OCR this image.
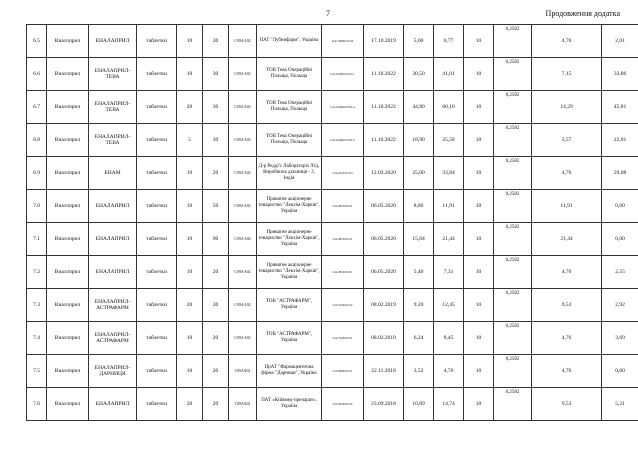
7	Продовження додатка
6.5	Виалзприл	ЕНАЛАПРИЛ	таблетки	10	20	C09A A02	ПАТ "Лубнифарм", Україна	UA/16996/01/02	17.10.2019	5,00	6,77	10	0,2582	4,76	2,01
6.6	Виалзприл	ЕНАЛАПРИЛ-ТЕВА	таблетки	10	30	C09A A02	ТОВ Тева Операційні Польща, Польща	UA/16469/01/01-1	11.10.2022	30,50	41,01	10	0,2582	7,15	33,86
6.7	Виалзприл	ЕНАЛАПРИЛ-ТЕВА	таблетки	20	30	C09A A02	ТОВ Тева Операційні Польща, Польща	UA/16469/01/03-4	11.10.2022	44,80	60,10	10	0,2582	14,29	45,81
6.8	Виалзприл	ЕНАЛАПРИЛ-ТЕВА	таблетки	5	30	C09A A02	ТОВ Тева Операційні Польща, Польща	UA/16469/01/02-2	11.10.2022	18,90	25,58	10	0,2582	3,57	22,01
6.9	Виалзприл	ЕНАМ	таблетки	10	20	C09A A02	Д-р Редді'с Лабораторіз Лтд, Виробнича дільниця - 3, Індія	UA/2545/01/03	12.03.2020	25,00	33,84	10	0,2582	4,76	29,08
7.0	Виалзприл	ЕНАЛАПРИЛ	таблетки	10	50	C09A A02	Приватне акціонерне товариство "Лекхім-Харків", Україна	UA/2816/01/01	06.05.2020	8,80	11,91	10	0,2582	11,91	0,00
7.1	Виалзприл	ЕНАЛАПРИЛ	таблетки	10	90	C09A A02	Приватне акціонерне товариство "Лекхім-Харків", Україна	UA/2816/01/01	06.05.2020	15,84	21,44	10	0,2582	21,44	0,00
7.2	Виалзприл	ЕНАЛАПРИЛ	таблетки	10	20	C09A A02	Приватне акціонерне товариство "Лекхім-Харків", Україна	UA/2816/01/01	06.05.2020	5,40	7,31	10	0,2582	4,76	2,55
7.3	Виалзприл	ЕНАЛАПРИЛ-АСТРАФАРМ	таблетки	20	20	C09A A02	ТОВ "АСТРАФАРМ", Україна	UA/5126/01/02	08.02.2019	9,20	12,45	10	0,2582	9,53	2,92
7.4	Виалзприл	ЕНАЛАПРИЛ-АСТРАФАРМ	таблетки	10	20	C09A A02	ТОВ "АСТРАФАРМ", Україна	UA/5126/01/01	08.02.2019	6,24	8,45	10	0,2582	4,76	3,69
7.5	Виалзприл	ЕНАЛАПРИЛ-ДАРНИЦЯ	таблетки	10	20	C09AA02	ПрАТ "Фармацевтична фірма "Дарниця", Україна	UA/6980/01/01	22.11.2018	3,52	4,76	10	0,2582	4,76	0,00
7.6	Виалзприл	ЕНАЛАПРИЛ	таблетки	20	20	C09AA02	ПАТ «Київмед-препарат», Україна	UA/6656/01/02	23.09.2018	10,89	14,74	10	0,2582	9,53	5,21
